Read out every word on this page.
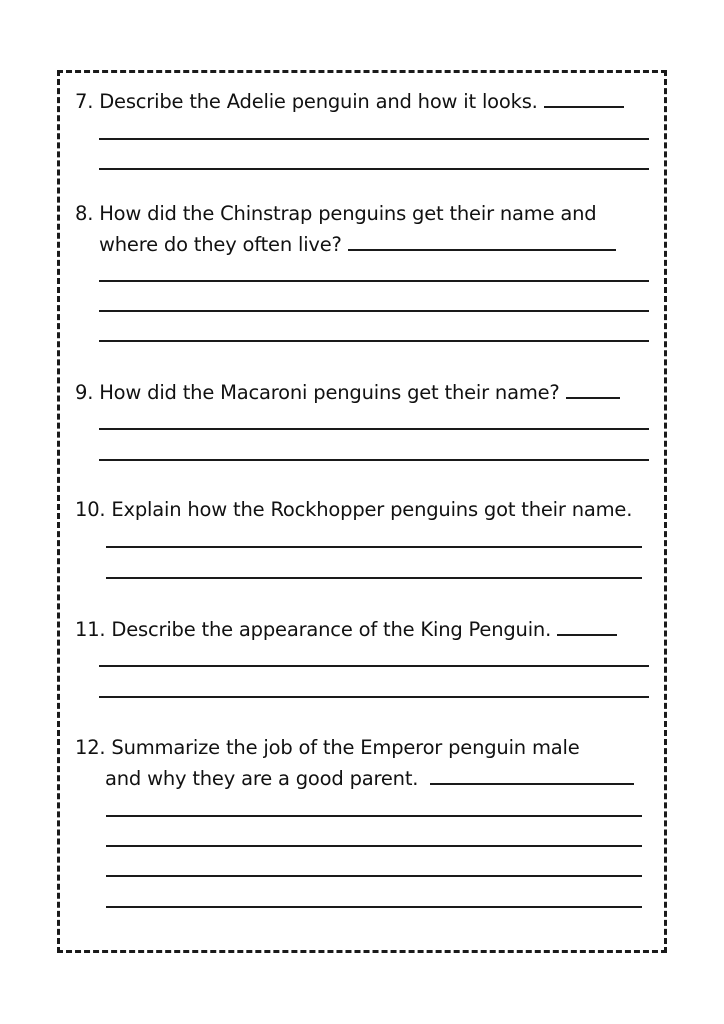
7. Describe the Adelie penguin and how it looks.
8. How did the Chinstrap penguins get their name and
where do they often live?
9. How did the Macaroni penguins get their name?
10. Explain how the Rockhopper penguins got their name.
11. Describe the appearance of the King Penguin.
12. Summarize the job of the Emperor penguin male
and why they are a good parent.
